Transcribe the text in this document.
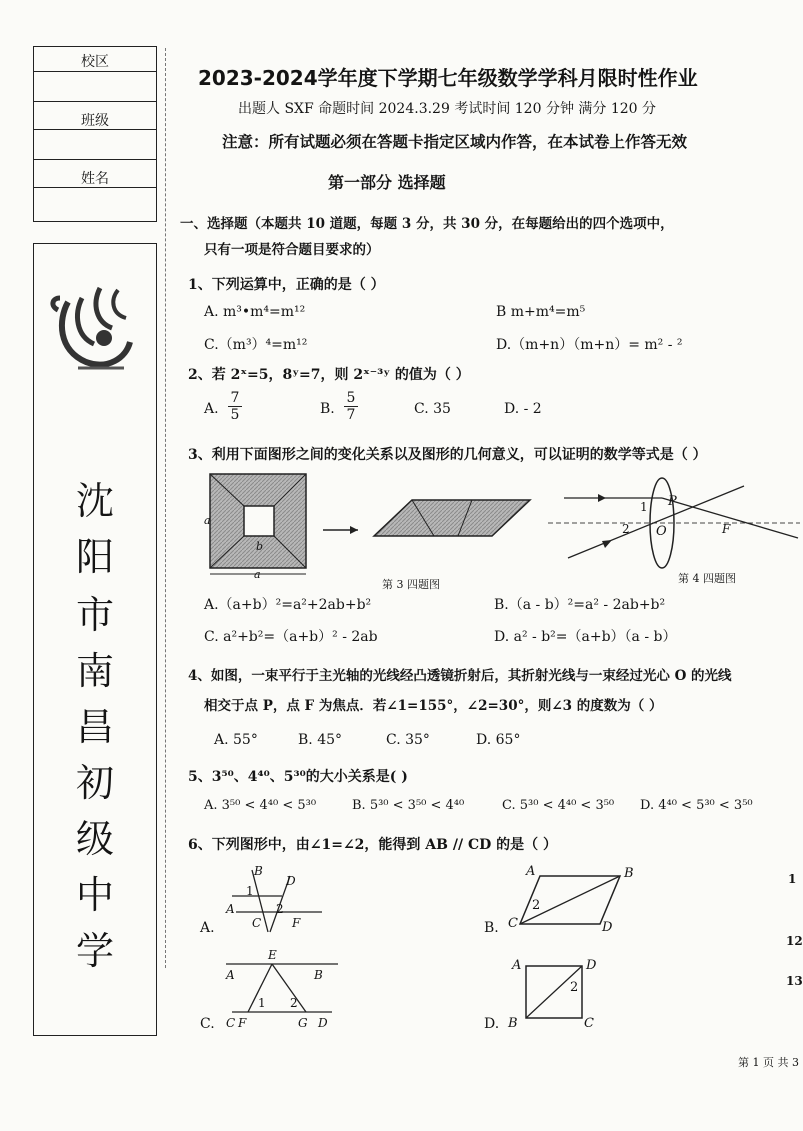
校区
班级
姓名
沈
阳
市
南
昌
初
级
中
学
2023-2024学年度下学期七年级数学学科月限时性作业
出题人 SXF 命题时间 2024.3.29 考试时间 120 分钟 满分 120 分
注意：所有试题必须在答题卡指定区域内作答，在本试卷上作答无效
第一部分 选择题
一、选择题（本题共 10 道题，每题 3 分，共 30 分，在每题给出的四个选项中，
只有一项是符合题目要求的）
1、下列运算中，正确的是（ ）
A. m³•m⁴=m¹²	B m+m⁴=m⁵
C.（m³）⁴=m¹²	D.（m+n）（m+n）= m² - ²
2、若 2ˣ=5，8ʸ=7，则 2ˣ⁻³ʸ 的值为（ ）
A. $\frac{7}{5}$	B. $\frac{5}{7}$	C. 35	D. - 2
3、利用下面图形之间的变化关系以及图形的几何意义，可以证明的数学等式是（ ）
a
a
b
第 3 四题图
P
F
O
1
2
第 4 四题图
A.（a+b）²=a²+2ab+b²	B.（a - b）²=a² - 2ab+b²
C. a²+b²=（a+b）² - 2ab	D. a² - b²=（a+b）（a - b）
4、如图，一束平行于主光轴的光线经凸透镜折射后，其折射光线与一束经过光心 O 的光线
相交于点 P，点 F 为焦点．若∠1=155°，∠2=30°，则∠3 的度数为（ ）
A. 55°	B. 45°	C. 35°	D. 65°
5、3⁵⁰、4⁴⁰、5³⁰的大小关系是( )
A. 3⁵⁰ < 4⁴⁰ < 5³⁰	B. 5³⁰ < 3⁵⁰ < 4⁴⁰	C. 5³⁰ < 4⁴⁰ < 3⁵⁰ D. 4⁴⁰ < 5³⁰ < 3⁵⁰
6、下列图形中，由∠1=∠2，能得到 AB // CD 的是（ ）
B
D
A
C	F
1
2
A.
A	B
C	D
2
B.
E
A	B
1 2
C F	G D
C.
A	D
B	C
2
D.
1
12
13
第 1 页 共 3
